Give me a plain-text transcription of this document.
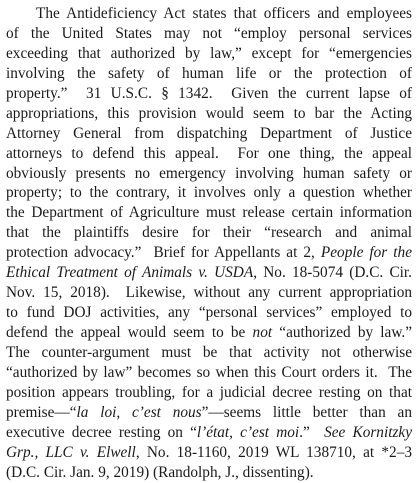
The Antideficiency Act states that officers and employees
of the United States may not “employ personal services
exceeding that authorized by law,” except for “emergencies
involving the safety of human life or the protection of
property.”  31 U.S.C. § 1342.  Given the current lapse of
appropriations, this provision would seem to bar the Acting
Attorney General from dispatching Department of Justice
attorneys to defend this appeal.  For one thing, the appeal
obviously presents no emergency involving human safety or
property; to the contrary, it involves only a question whether
the Department of Agriculture must release certain information
that the plaintiffs desire for their “research and animal
protection advocacy.”  Brief for Appellants at 2, People for the
Ethical Treatment of Animals v. USDA, No. 18-5074 (D.C. Cir.
Nov. 15, 2018).  Likewise, without any current appropriation
to fund DOJ activities, any “personal services” employed to
defend the appeal would seem to be not “authorized by law.”
The counter-argument must be that activity not otherwise
“authorized by law” becomes so when this Court orders it.  The
position appears troubling, for a judicial decree resting on that
premise—“la loi, c’est nous”—seems little better than an
executive decree resting on “l’état, c’est moi.”  See Kornitzky
Grp., LLC v. Elwell, No. 18-1160, 2019 WL 138710, at *2–3
(D.C. Cir. Jan. 9, 2019) (Randolph, J., dissenting).
